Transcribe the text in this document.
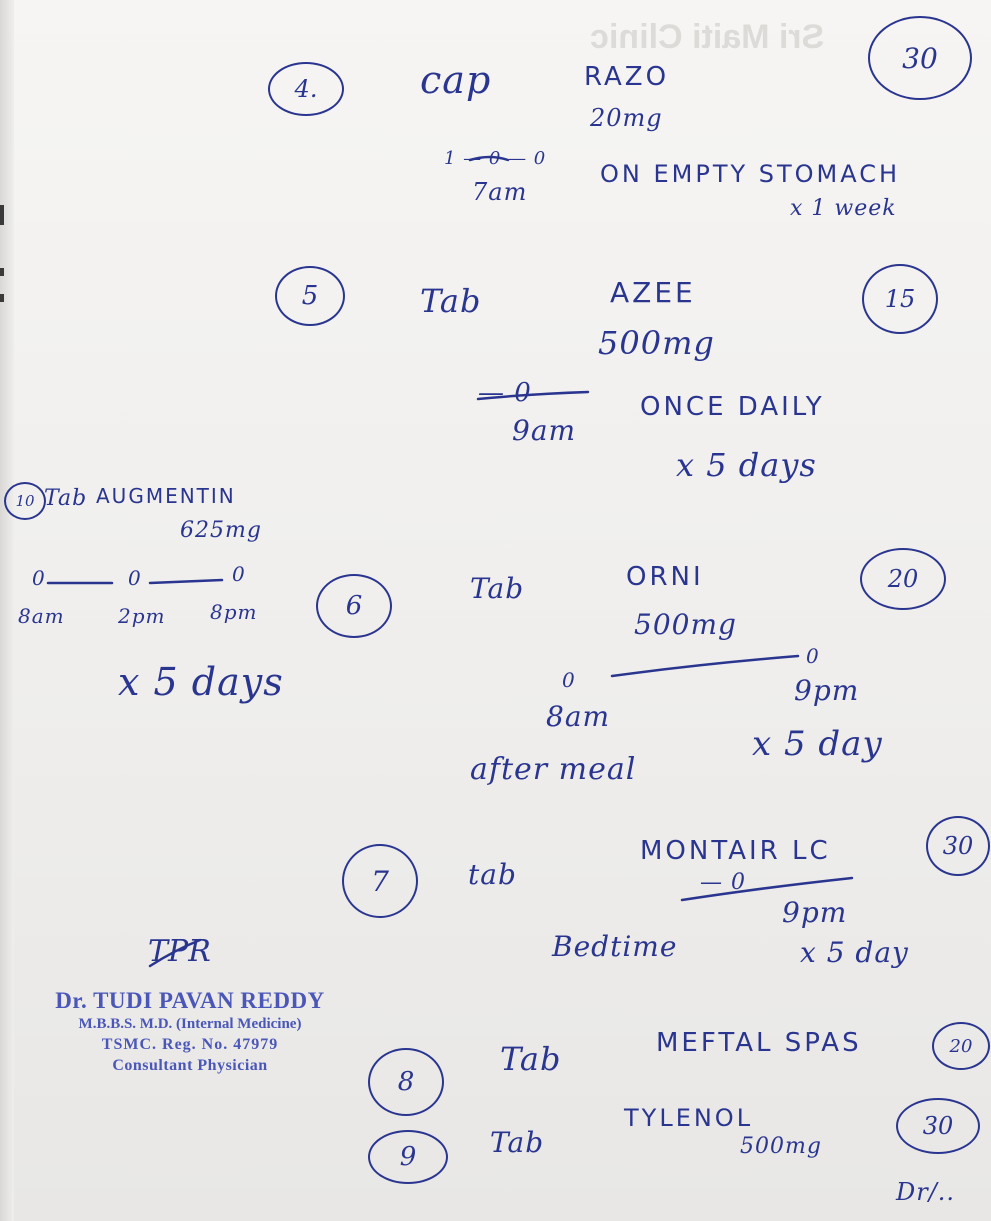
Sri Maiti Clinic
4.	cap	RAZO
20mg
1 — 0 — 0
7am
ON EMPTY STOMACH
x 1 week
30
5	Tab	AZEE
500mg
— 0
9am
ONCE DAILY
x 5 days
15
10 Tab AUGMENTIN
625mg
0	0	0
8am	2pm 8pm
x 5 days
6
Tab	ORNI
500mg
0
0
8am
9pm
after meal
x 5 day
20
7	tab
MONTAIR LC
— 0
Bedtime
9pm
x 5 day
30
8
Tab	MEFTAL SPAS	20
9	Tab
TYLENOL
500mg
30
TPR
Dr. TUDI PAVAN REDDY
M.B.B.S. M.D. (Internal Medicine)
TSMC. Reg. No. 47979
Consultant Physician
Dr/..
